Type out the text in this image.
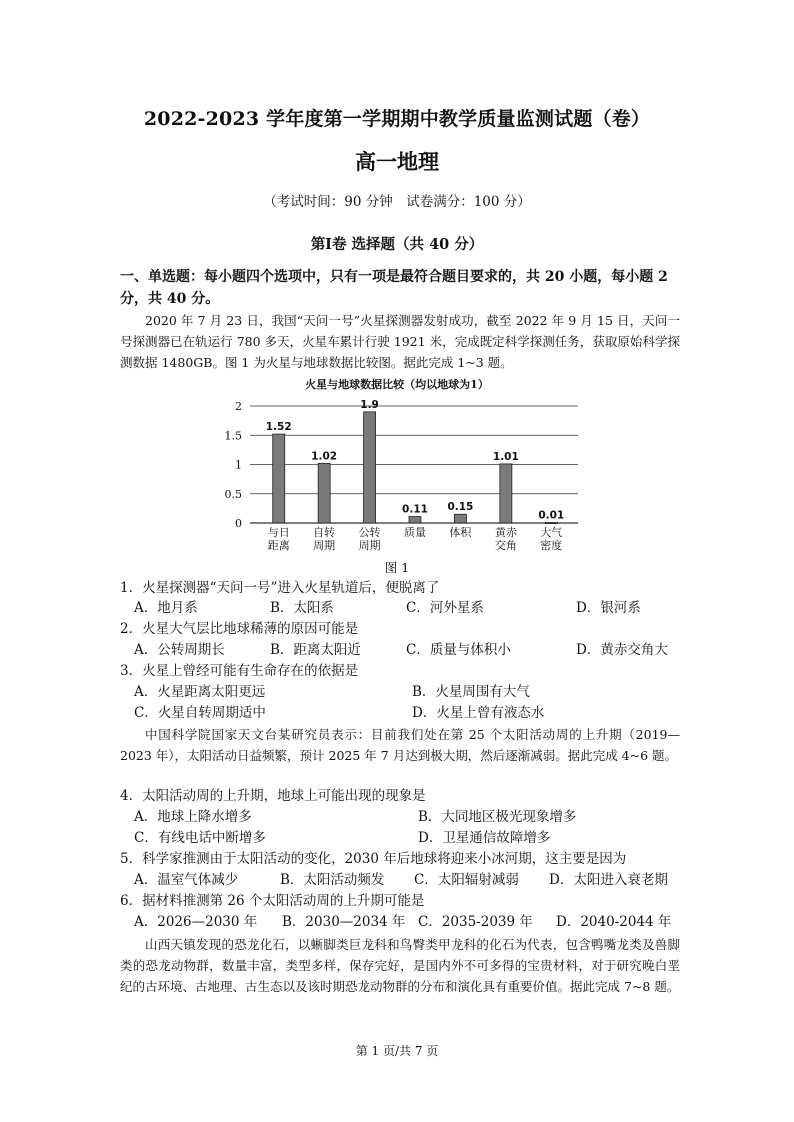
2022-2023 学年度第一学期期中教学质量监测试题（卷）
高一地理
（考试时间：90 分钟　试卷满分：100 分）
第Ⅰ卷 选择题（共 40 分）
一、单选题：每小题四个选项中，只有一项是最符合题目要求的，共 20 小题，每小题 2 分，共 40 分。
2020 年 7 月 23 日，我国“天问一号”火星探测器发射成功，截至 2022 年 9 月 15 日，天问一号探测器已在轨运行 780 多天，火星车累计行驶 1921 米，完成既定科学探测任务，获取原始科学探测数据 1480GB。图 1 为火星与地球数据比较图。据此完成 1~3 题。
火星与地球数据比较（均以地球为1）
0
0.5
1
1.5
2
1.52
1.02
1.9
0.11 0.15
1.01
0.01
与日
距离
自转
周期
公转
周期
质量 体积 黄赤
交角
大气
密度
图 1
1．火星探测器“天问一号”进入火星轨道后，便脱离了
A．地月系	B．太阳系	C．河外星系	D．银河系
2．火星大气层比地球稀薄的原因可能是
A．公转周期长	B．距离太阳近	C．质量与体积小	D．黄赤交角大
3．火星上曾经可能有生命存在的依据是
A．火星距离太阳更远	B．火星周围有大气
C．火星自转周期适中	D．火星上曾有液态水
中国科学院国家天文台某研究员表示：目前我们处在第 25 个太阳活动周的上升期（2019—2023 年），太阳活动日益频繁，预计 2025 年 7 月达到极大期，然后逐渐减弱。据此完成 4~6 题。
4．太阳活动周的上升期，地球上可能出现的现象是
A．地球上降水增多	B．大同地区极光现象增多
C．有线电话中断增多	D．卫星通信故障增多
5．科学家推测由于太阳活动的变化，2030 年后地球将迎来小冰河期，这主要是因为
A．温室气体减少	B．太阳活动频发 C．太阳辐射减弱 D．太阳进入衰老期
6．据材料推测第 26 个太阳活动周的上升期可能是
A．2026—2030 年 B．2030—2034 年 C．2035-2039 年 D．2040-2044 年
山西天镇发现的恐龙化石，以蜥脚类巨龙科和鸟臀类甲龙科的化石为代表，包含鸭嘴龙类及兽脚类的恐龙动物群，数量丰富，类型多样，保存完好，是国内外不可多得的宝贵材料，对于研究晚白垩纪的古环境、古地理、古生态以及该时期恐龙动物群的分布和演化具有重要价值。据此完成 7~8 题。
第 1 页/共 7 页
